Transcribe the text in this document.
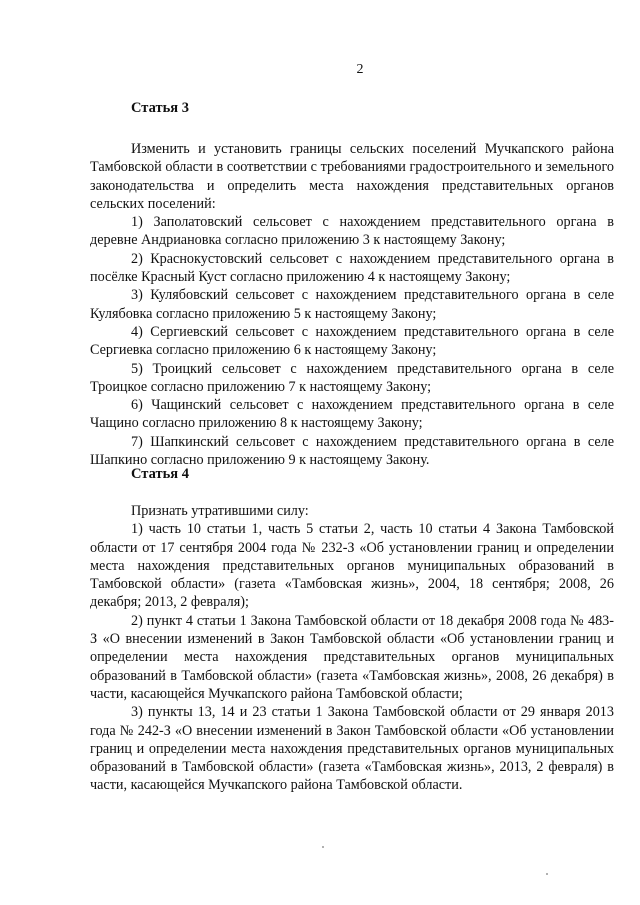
2
Статья 3

Изменить и установить границы сельских поселений Мучкапского района Тамбовской области в соответствии с требованиями градостроительного и земельного законодательства и определить места нахождения представительных органов сельских поселений:

1) Заполатовский сельсовет с нахождением представительного органа в деревне Андриановка согласно приложению 3 к настоящему Закону;

2) Краснокустовский сельсовет с нахождением представительного органа в посёлке Красный Куст согласно приложению 4 к настоящему Закону;

3) Кулябовский сельсовет с нахождением представительного органа в селе Кулябовка согласно приложению 5 к настоящему Закону;

4) Сергиевский сельсовет с нахождением представительного органа в селе Сергиевка согласно приложению 6 к настоящему Закону;

5) Троицкий сельсовет с нахождением представительного органа в селе Троицкое согласно приложению 7 к настоящему Закону;

6) Чащинский сельсовет с нахождением представительного органа в селе Чащино согласно приложению 8 к настоящему Закону;

7) Шапкинский сельсовет с нахождением представительного органа в селе Шапкино согласно приложению 9 к настоящему Закону.

Статья 4

Признать утратившими силу:

1) часть 10 статьи 1, часть 5 статьи 2, часть 10 статьи 4 Закона Тамбовской области от 17 сентября 2004 года № 232-З «Об установлении границ и определении места нахождения представительных органов муниципальных образований в Тамбовской области» (газета «Тамбовская жизнь», 2004, 18 сентября; 2008, 26 декабря; 2013, 2 февраля);

2) пункт 4 статьи 1 Закона Тамбовской области от 18 декабря 2008 года № 483-З «О внесении изменений в Закон Тамбовской области «Об установлении границ и определении места нахождения представительных органов муниципальных образований в Тамбовской области» (газета «Тамбовская жизнь», 2008, 26 декабря) в части, касающейся Мучкапского района Тамбовской области;

3) пункты 13, 14 и 23 статьи 1 Закона Тамбовской области от 29 января 2013 года № 242-З «О внесении изменений в Закон Тамбовской области «Об установлении границ и определении места нахождения представительных органов муниципальных образований в Тамбовской области» (газета «Тамбовская жизнь», 2013, 2 февраля) в части, касающейся Мучкапского района Тамбовской области.
